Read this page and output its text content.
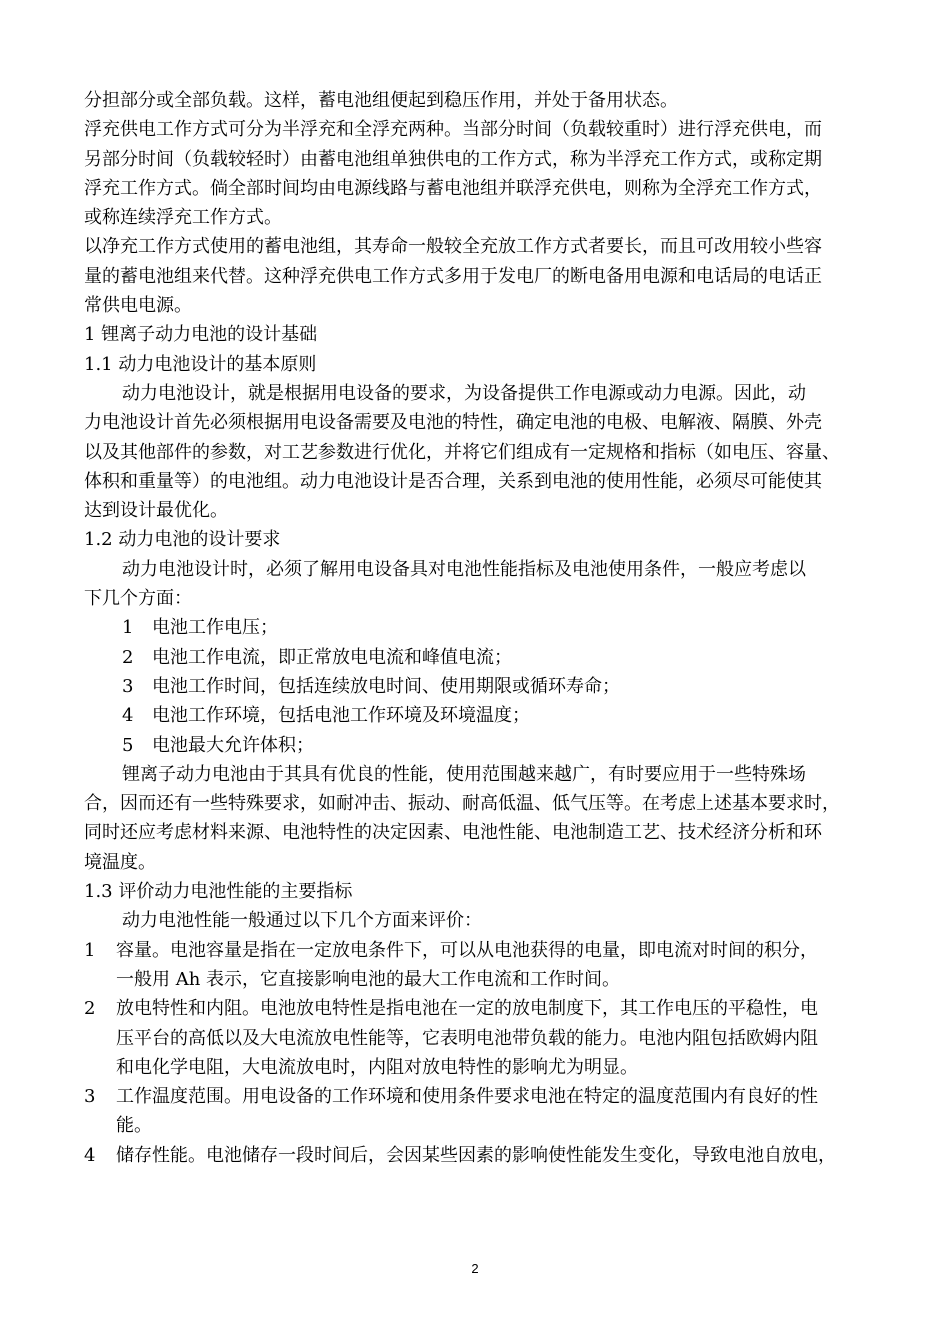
分担部分或全部负载。这样，蓄电池组便起到稳压作用，并处于备用状态。
浮充供电工作方式可分为半浮充和全浮充两种。当部分时间（负载较重时）进行浮充供电，而
另部分时间（负载较轻时）由蓄电池组单独供电的工作方式，称为半浮充工作方式，或称定期
浮充工作方式。倘全部时间均由电源线路与蓄电池组并联浮充供电，则称为全浮充工作方式，
或称连续浮充工作方式。
以净充工作方式使用的蓄电池组，其寿命一般较全充放工作方式者要长，而且可改用较小些容
量的蓄电池组来代替。这种浮充供电工作方式多用于发电厂的断电备用电源和电话局的电话正
常供电电源。
1 锂离子动力电池的设计基础
1.1 动力电池设计的基本原则
动力电池设计，就是根据用电设备的要求，为设备提供工作电源或动力电源。因此，动
力电池设计首先必须根据用电设备需要及电池的特性，确定电池的电极、电解液、隔膜、外壳
以及其他部件的参数，对工艺参数进行优化，并将它们组成有一定规格和指标（如电压、容量、
体积和重量等）的电池组。动力电池设计是否合理，关系到电池的使用性能，必须尽可能使其
达到设计最优化。
1.2 动力电池的设计要求
动力电池设计时，必须了解用电设备具对电池性能指标及电池使用条件，一般应考虑以
下几个方面：
1 电池工作电压；
2 电池工作电流，即正常放电电流和峰值电流；
3 电池工作时间，包括连续放电时间、使用期限或循环寿命；
4 电池工作环境，包括电池工作环境及环境温度；
5 电池最大允许体积；
锂离子动力电池由于其具有优良的性能，使用范围越来越广，有时要应用于一些特殊场
合，因而还有一些特殊要求，如耐冲击、振动、耐高低温、低气压等。在考虑上述基本要求时，
同时还应考虑材料来源、电池特性的决定因素、电池性能、电池制造工艺、技术经济分析和环
境温度。
1.3 评价动力电池性能的主要指标
动力电池性能一般通过以下几个方面来评价：
1	容量。电池容量是指在一定放电条件下，可以从电池获得的电量，即电流对时间的积分，
一般用 Ah 表示，它直接影响电池的最大工作电流和工作时间。
2	放电特性和内阻。电池放电特性是指电池在一定的放电制度下，其工作电压的平稳性，电
压平台的高低以及大电流放电性能等，它表明电池带负载的能力。电池内阻包括欧姆内阻
和电化学电阻，大电流放电时，内阻对放电特性的影响尤为明显。
3	工作温度范围。用电设备的工作环境和使用条件要求电池在特定的温度范围内有良好的性
能。
4	储存性能。电池储存一段时间后，会因某些因素的影响使性能发生变化，导致电池自放电，
2
